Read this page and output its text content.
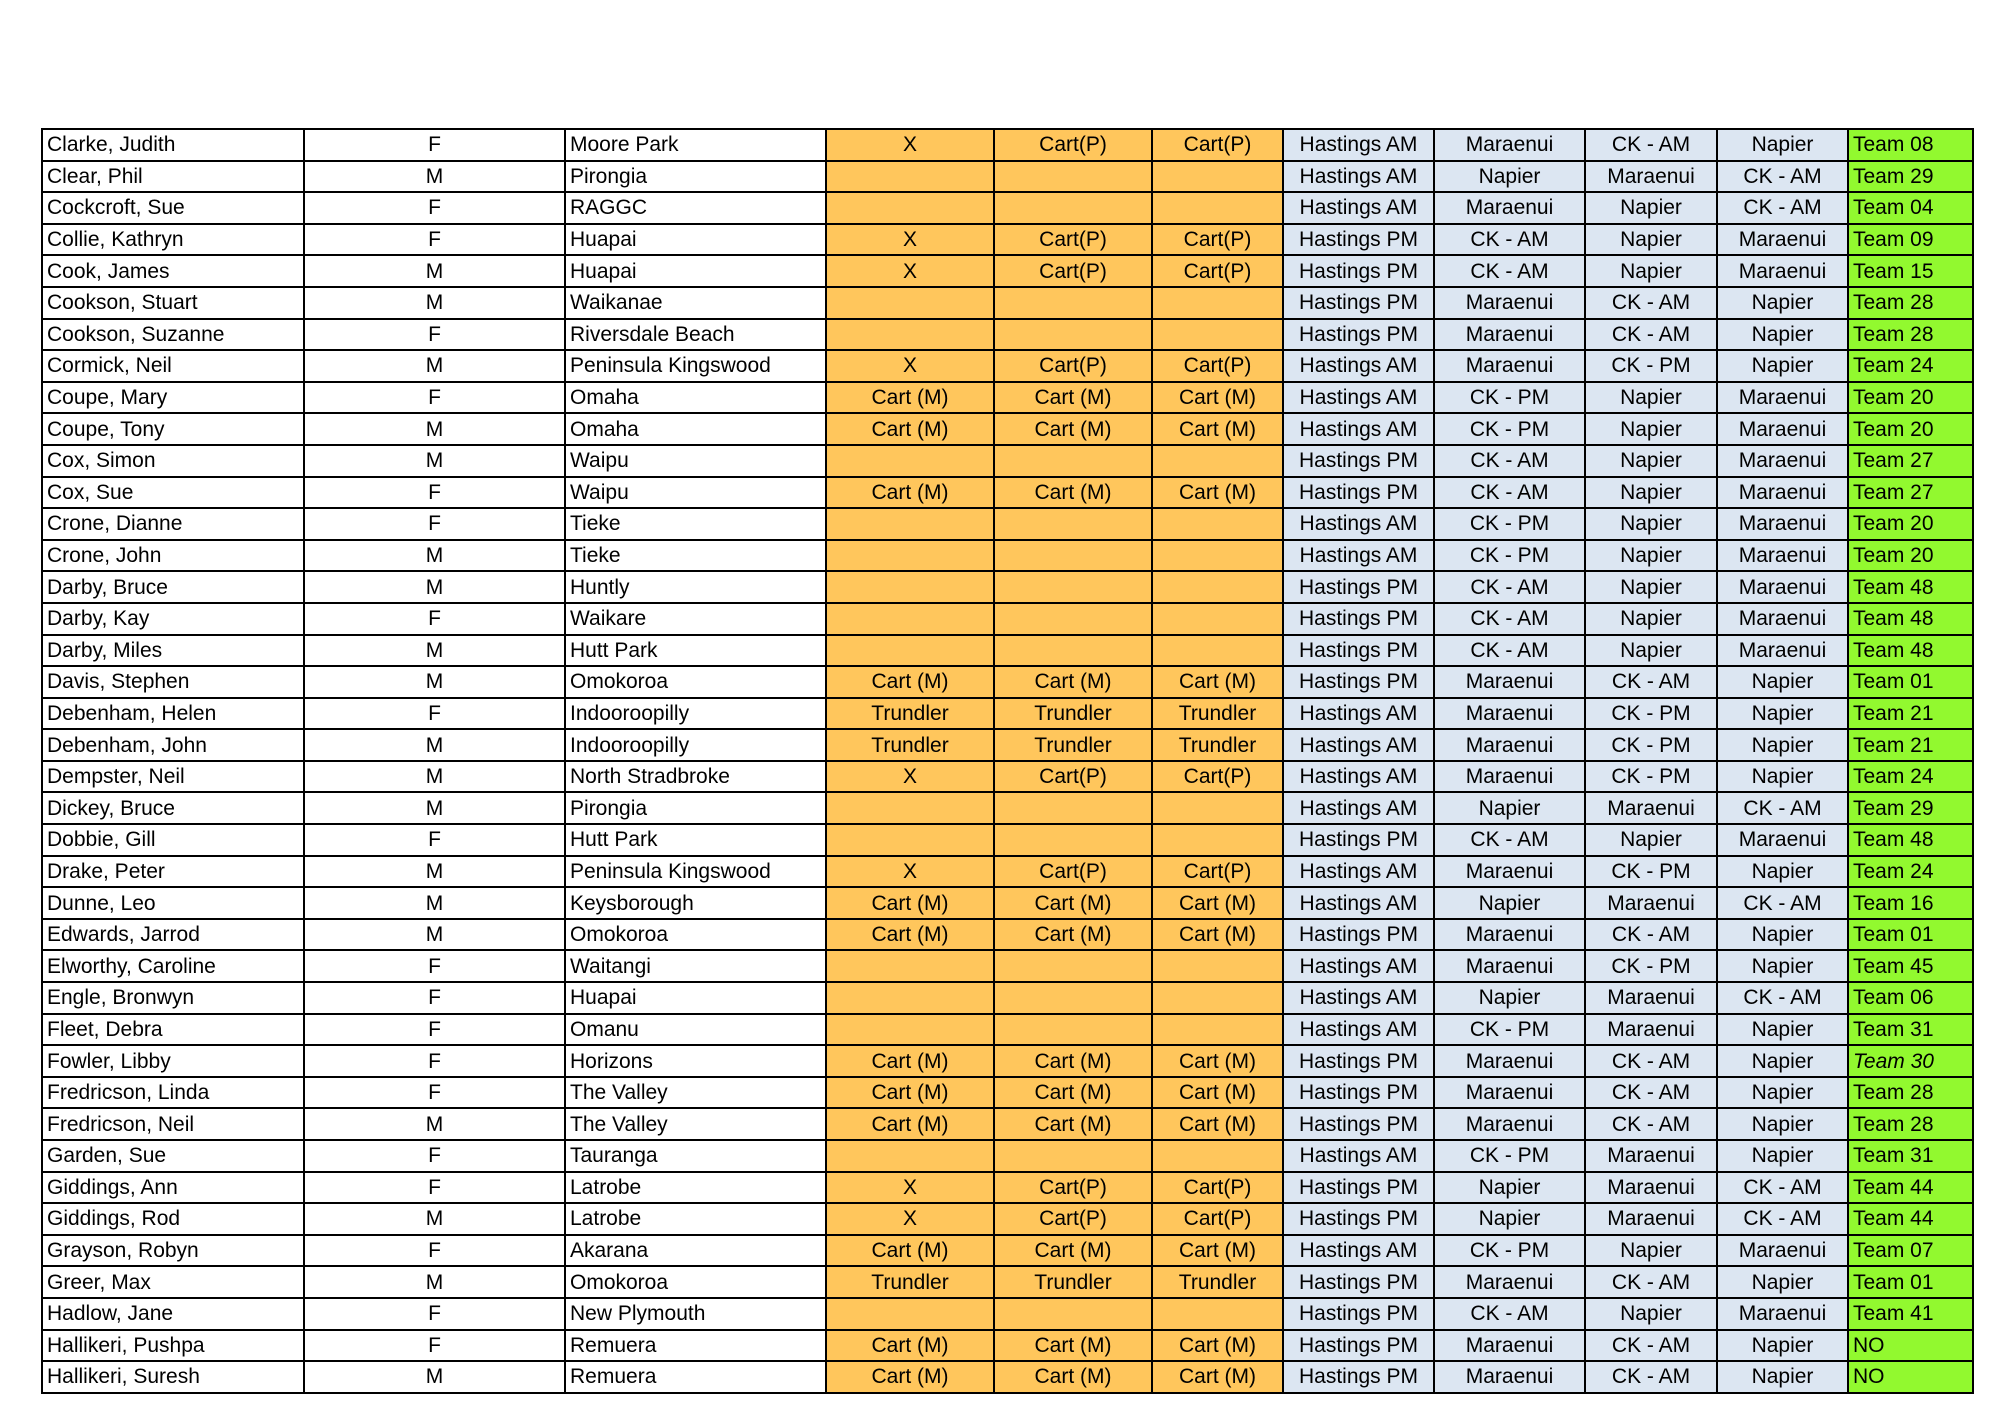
Clarke, Judith	F	Moore Park	X	Cart(P)	Cart(P)	Hastings AM	Maraenui	CK - AM	Napier	Team 08
Clear, Phil	M	Pirongia				Hastings AM	Napier	Maraenui	CK - AM	Team 29
Cockcroft, Sue	F	RAGGC				Hastings AM	Maraenui	Napier	CK - AM	Team 04
Collie, Kathryn	F	Huapai	X	Cart(P)	Cart(P)	Hastings PM	CK - AM	Napier	Maraenui	Team 09
Cook, James	M	Huapai	X	Cart(P)	Cart(P)	Hastings PM	CK - AM	Napier	Maraenui	Team 15
Cookson, Stuart	M	Waikanae				Hastings PM	Maraenui	CK - AM	Napier	Team 28
Cookson, Suzanne	F	Riversdale Beach				Hastings PM	Maraenui	CK - AM	Napier	Team 28
Cormick, Neil	M	Peninsula Kingswood	X	Cart(P)	Cart(P)	Hastings AM	Maraenui	CK - PM	Napier	Team 24
Coupe, Mary	F	Omaha	Cart (M)	Cart (M)	Cart (M)	Hastings AM	CK - PM	Napier	Maraenui	Team 20
Coupe, Tony	M	Omaha	Cart (M)	Cart (M)	Cart (M)	Hastings AM	CK - PM	Napier	Maraenui	Team 20
Cox, Simon	M	Waipu				Hastings PM	CK - AM	Napier	Maraenui	Team 27
Cox, Sue	F	Waipu	Cart (M)	Cart (M)	Cart (M)	Hastings PM	CK - AM	Napier	Maraenui	Team 27
Crone, Dianne	F	Tieke				Hastings AM	CK - PM	Napier	Maraenui	Team 20
Crone, John	M	Tieke				Hastings AM	CK - PM	Napier	Maraenui	Team 20
Darby, Bruce	M	Huntly				Hastings PM	CK - AM	Napier	Maraenui	Team 48
Darby, Kay	F	Waikare				Hastings PM	CK - AM	Napier	Maraenui	Team 48
Darby, Miles	M	Hutt Park				Hastings PM	CK - AM	Napier	Maraenui	Team 48
Davis, Stephen	M	Omokoroa	Cart (M)	Cart (M)	Cart (M)	Hastings PM	Maraenui	CK - AM	Napier	Team 01
Debenham, Helen	F	Indooroopilly	Trundler	Trundler	Trundler	Hastings AM	Maraenui	CK - PM	Napier	Team 21
Debenham, John	M	Indooroopilly	Trundler	Trundler	Trundler	Hastings AM	Maraenui	CK - PM	Napier	Team 21
Dempster, Neil	M	North Stradbroke	X	Cart(P)	Cart(P)	Hastings AM	Maraenui	CK - PM	Napier	Team 24
Dickey, Bruce	M	Pirongia				Hastings AM	Napier	Maraenui	CK - AM	Team 29
Dobbie, Gill	F	Hutt Park				Hastings PM	CK - AM	Napier	Maraenui	Team 48
Drake, Peter	M	Peninsula Kingswood	X	Cart(P)	Cart(P)	Hastings AM	Maraenui	CK - PM	Napier	Team 24
Dunne, Leo	M	Keysborough	Cart (M)	Cart (M)	Cart (M)	Hastings AM	Napier	Maraenui	CK - AM	Team 16
Edwards, Jarrod	M	Omokoroa	Cart (M)	Cart (M)	Cart (M)	Hastings PM	Maraenui	CK - AM	Napier	Team 01
Elworthy, Caroline	F	Waitangi				Hastings AM	Maraenui	CK - PM	Napier	Team 45
Engle, Bronwyn	F	Huapai				Hastings AM	Napier	Maraenui	CK - AM	Team 06
Fleet, Debra	F	Omanu				Hastings AM	CK - PM	Maraenui	Napier	Team 31
Fowler, Libby	F	Horizons	Cart (M)	Cart (M)	Cart (M)	Hastings PM	Maraenui	CK - AM	Napier	Team 30
Fredricson, Linda	F	The Valley	Cart (M)	Cart (M)	Cart (M)	Hastings PM	Maraenui	CK - AM	Napier	Team 28
Fredricson, Neil	M	The Valley	Cart (M)	Cart (M)	Cart (M)	Hastings PM	Maraenui	CK - AM	Napier	Team 28
Garden, Sue	F	Tauranga				Hastings AM	CK - PM	Maraenui	Napier	Team 31
Giddings, Ann	F	Latrobe	X	Cart(P)	Cart(P)	Hastings PM	Napier	Maraenui	CK - AM	Team 44
Giddings, Rod	M	Latrobe	X	Cart(P)	Cart(P)	Hastings PM	Napier	Maraenui	CK - AM	Team 44
Grayson, Robyn	F	Akarana	Cart (M)	Cart (M)	Cart (M)	Hastings AM	CK - PM	Napier	Maraenui	Team 07
Greer, Max	M	Omokoroa	Trundler	Trundler	Trundler	Hastings PM	Maraenui	CK - AM	Napier	Team 01
Hadlow, Jane	F	New Plymouth				Hastings PM	CK - AM	Napier	Maraenui	Team 41
Hallikeri, Pushpa	F	Remuera	Cart (M)	Cart (M)	Cart (M)	Hastings PM	Maraenui	CK - AM	Napier	NO
Hallikeri, Suresh	M	Remuera	Cart (M)	Cart (M)	Cart (M)	Hastings PM	Maraenui	CK - AM	Napier	NO
